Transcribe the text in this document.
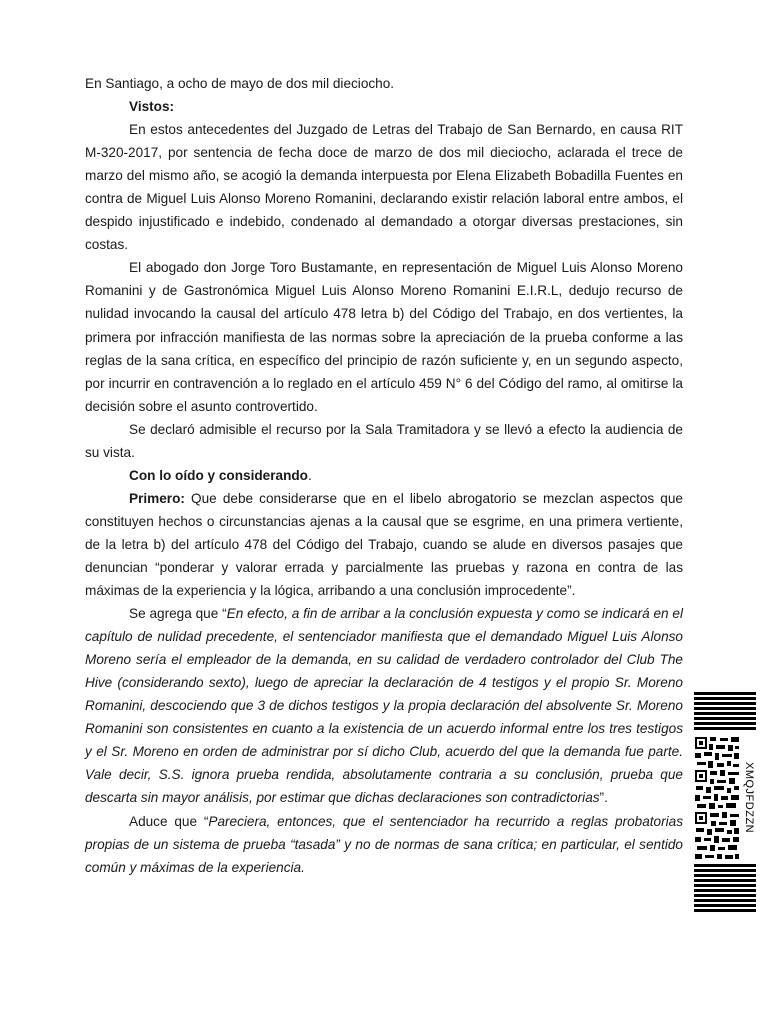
En Santiago, a ocho de mayo de dos mil dieciocho.

Vistos:

En estos antecedentes del Juzgado de Letras del Trabajo de San Bernardo, en causa RIT M-320-2017, por sentencia de fecha doce de marzo de dos mil dieciocho, aclarada el trece de marzo del mismo año, se acogió la demanda interpuesta por Elena Elizabeth Bobadilla Fuentes en contra de Miguel Luis Alonso Moreno Romanini, declarando existir relación laboral entre ambos, el despido injustificado e indebido, condenado al demandado a otorgar diversas prestaciones, sin costas.

El abogado don Jorge Toro Bustamante, en representación de Miguel Luis Alonso Moreno Romanini y de Gastronómica Miguel Luis Alonso Moreno Romanini E.I.R.L, dedujo recurso de nulidad invocando la causal del artículo 478 letra b) del Código del Trabajo, en dos vertientes, la primera por infracción manifiesta de las normas sobre la apreciación de la prueba conforme a las reglas de la sana crítica, en específico del principio de razón suficiente y, en un segundo aspecto, por incurrir en contravención a lo reglado en el artículo 459 N° 6 del Código del ramo, al omitirse la decisión sobre el asunto controvertido.

Se declaró admisible el recurso por la Sala Tramitadora y se llevó a efecto la audiencia de su vista.

Con lo oído y considerando.

Primero: Que debe considerarse que en el libelo abrogatorio se mezclan aspectos que constituyen hechos o circunstancias ajenas a la causal que se esgrime, en una primera vertiente, de la letra b) del artículo 478 del Código del Trabajo, cuando se alude en diversos pasajes que denuncian “ponderar y valorar errada y parcialmente las pruebas y razona en contra de las máximas de la experiencia y la lógica, arribando a una conclusión improcedente”.

Se agrega que “En efecto, a fin de arribar a la conclusión expuesta y como se indicará en el capítulo de nulidad precedente, el sentenciador manifiesta que el demandado Miguel Luis Alonso Moreno sería el empleador de la demanda, en su calidad de verdadero controlador del Club The Hive (considerando sexto), luego de apreciar la declaración de 4 testigos y el propio Sr. Moreno Romanini, descociendo que 3 de dichos testigos y la propia declaración del absolvente Sr. Moreno Romanini son consistentes en cuanto a la existencia de un acuerdo informal entre los tres testigos y el Sr. Moreno en orden de administrar por sí dicho Club, acuerdo del que la demanda fue parte. Vale decir, S.S. ignora prueba rendida, absolutamente contraria a su conclusión, prueba que descarta sin mayor análisis, por estimar que dichas declaraciones son contradictorias”.

Aduce que “Pareciera, entonces, que el sentenciador ha recurrido a reglas probatorias propias de un sistema de prueba “tasada” y no de normas de sana crítica; en particular, el sentido común y máximas de la experiencia.

XMQJFDZZN
